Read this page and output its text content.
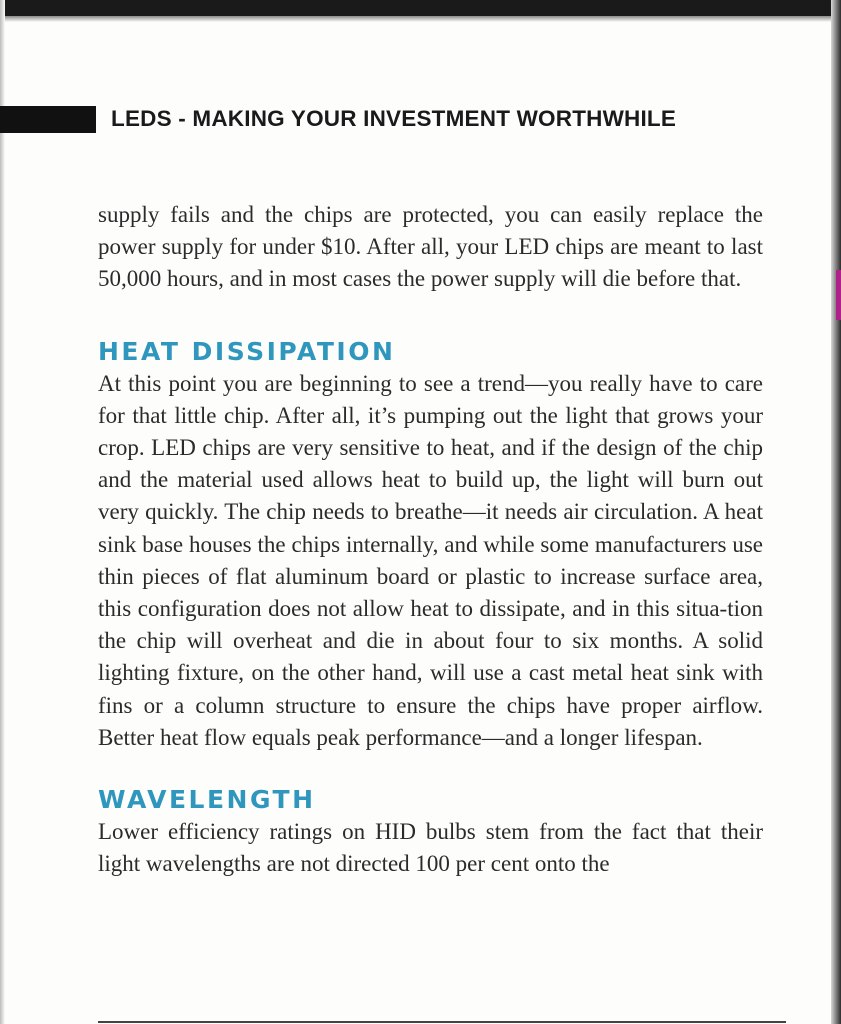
LEDS - MAKING YOUR INVESTMENT WORTHWHILE

supply fails and the chips are protected, you can easily replace the power supply for under $10. After all, your LED chips are meant to last 50,000 hours, and in most cases the power supply will die before that.

HEAT DISSIPATION

At this point you are beginning to see a trend—you really have to care for that little chip. After all, it’s pumping out the light that grows your crop. LED chips are very sensitive to heat, and if the design of the chip and the material used allows heat to build up, the light will burn out very quickly. The chip needs to breathe—it needs air circulation. A heat sink base houses the chips internally, and while some manufacturers use thin pieces of flat aluminum board or plastic to increase surface area, this configuration does not allow heat to dissipate, and in this situa-tion the chip will overheat and die in about four to six months. A solid lighting fixture, on the other hand, will use a cast metal heat sink with fins or a column structure to ensure the chips have proper airflow. Better heat flow equals peak performance—and a longer lifespan.

WAVELENGTH

Lower efficiency ratings on HID bulbs stem from the fact that their light wavelengths are not directed 100 per cent onto the
